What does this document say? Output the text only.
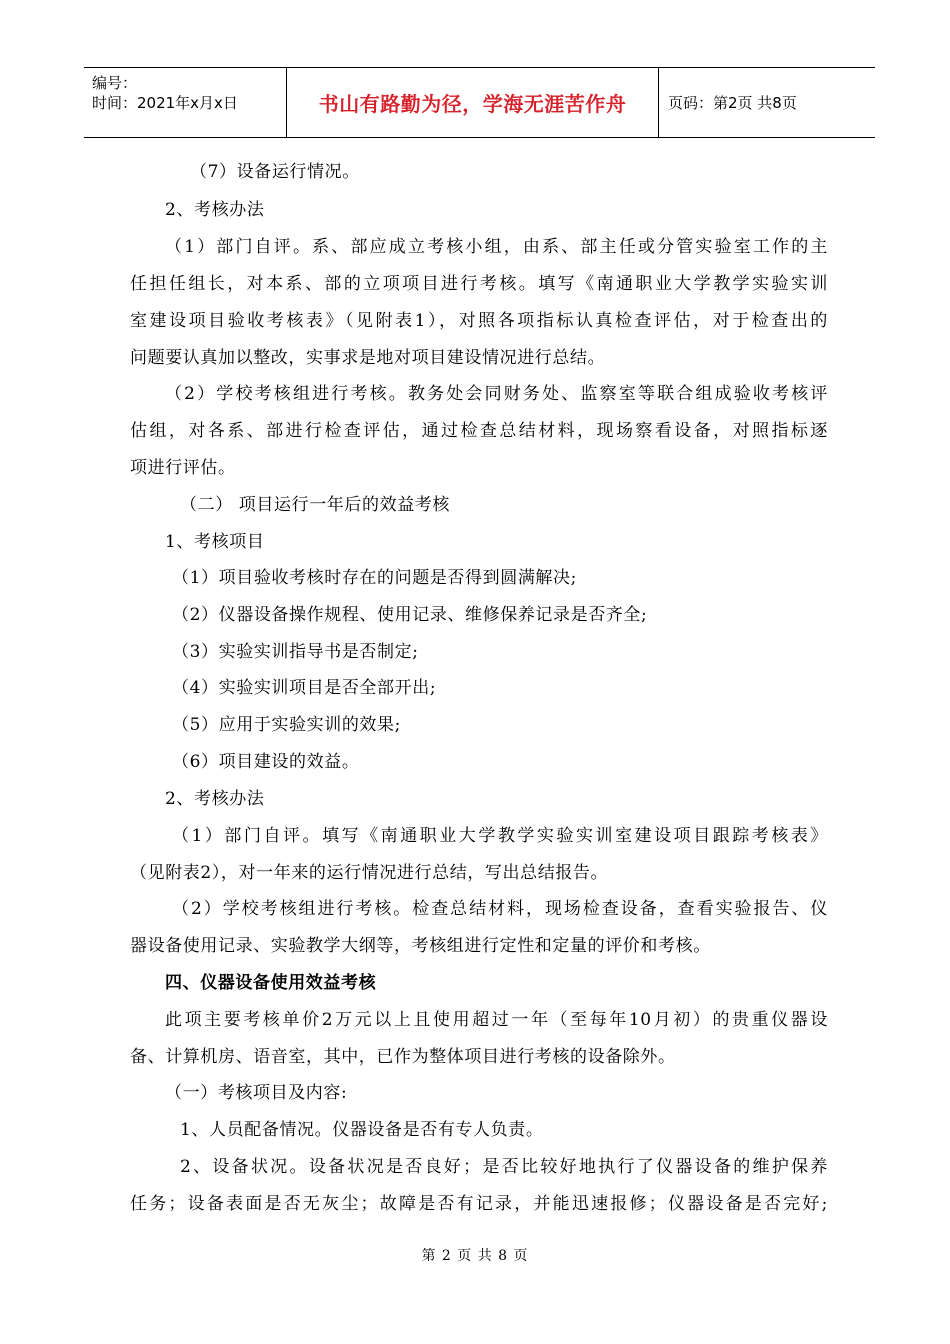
编号：
时间：2021年x月x日	书山有路勤为径，学海无涯苦作舟	页码：第2页 共8页
（7）设备运行情况。
2、考核办法
（1）部门自评。系、部应成立考核小组，由系、部主任或分管实验室工作的主
任担任组长，对本系、部的立项项目进行考核。填写《南通职业大学教学实验实训
室建设项目验收考核表》（见附表1），对照各项指标认真检查评估，对于检查出的
问题要认真加以整改，实事求是地对项目建设情况进行总结。
（2）学校考核组进行考核。教务处会同财务处、监察室等联合组成验收考核评
估组，对各系、部进行检查评估，通过检查总结材料，现场察看设备，对照指标逐
项进行评估。
（二） 项目运行一年后的效益考核
1、考核项目
（1）项目验收考核时存在的问题是否得到圆满解决;
（2）仪器设备操作规程、使用记录、维修保养记录是否齐全;
（3）实验实训指导书是否制定;
（4）实验实训项目是否全部开出;
（5）应用于实验实训的效果;
（6）项目建设的效益。
2、考核办法
（1）部门自评。填写《南通职业大学教学实验实训室建设项目跟踪考核表》
（见附表2），对一年来的运行情况进行总结，写出总结报告。
（2）学校考核组进行考核。检查总结材料，现场检查设备，查看实验报告、仪
器设备使用记录、实验教学大纲等，考核组进行定性和定量的评价和考核。
四、仪器设备使用效益考核
此项主要考核单价2万元以上且使用超过一年（至每年10月初）的贵重仪器设
备、计算机房、语音室，其中，已作为整体项目进行考核的设备除外。
（一）考核项目及内容:
1、人员配备情况。仪器设备是否有专人负责。
2、设备状况。设备状况是否良好；是否比较好地执行了仪器设备的维护保养
任务；设备表面是否无灰尘；故障是否有记录，并能迅速报修；仪器设备是否完好;
第 2 页 共 8 页
